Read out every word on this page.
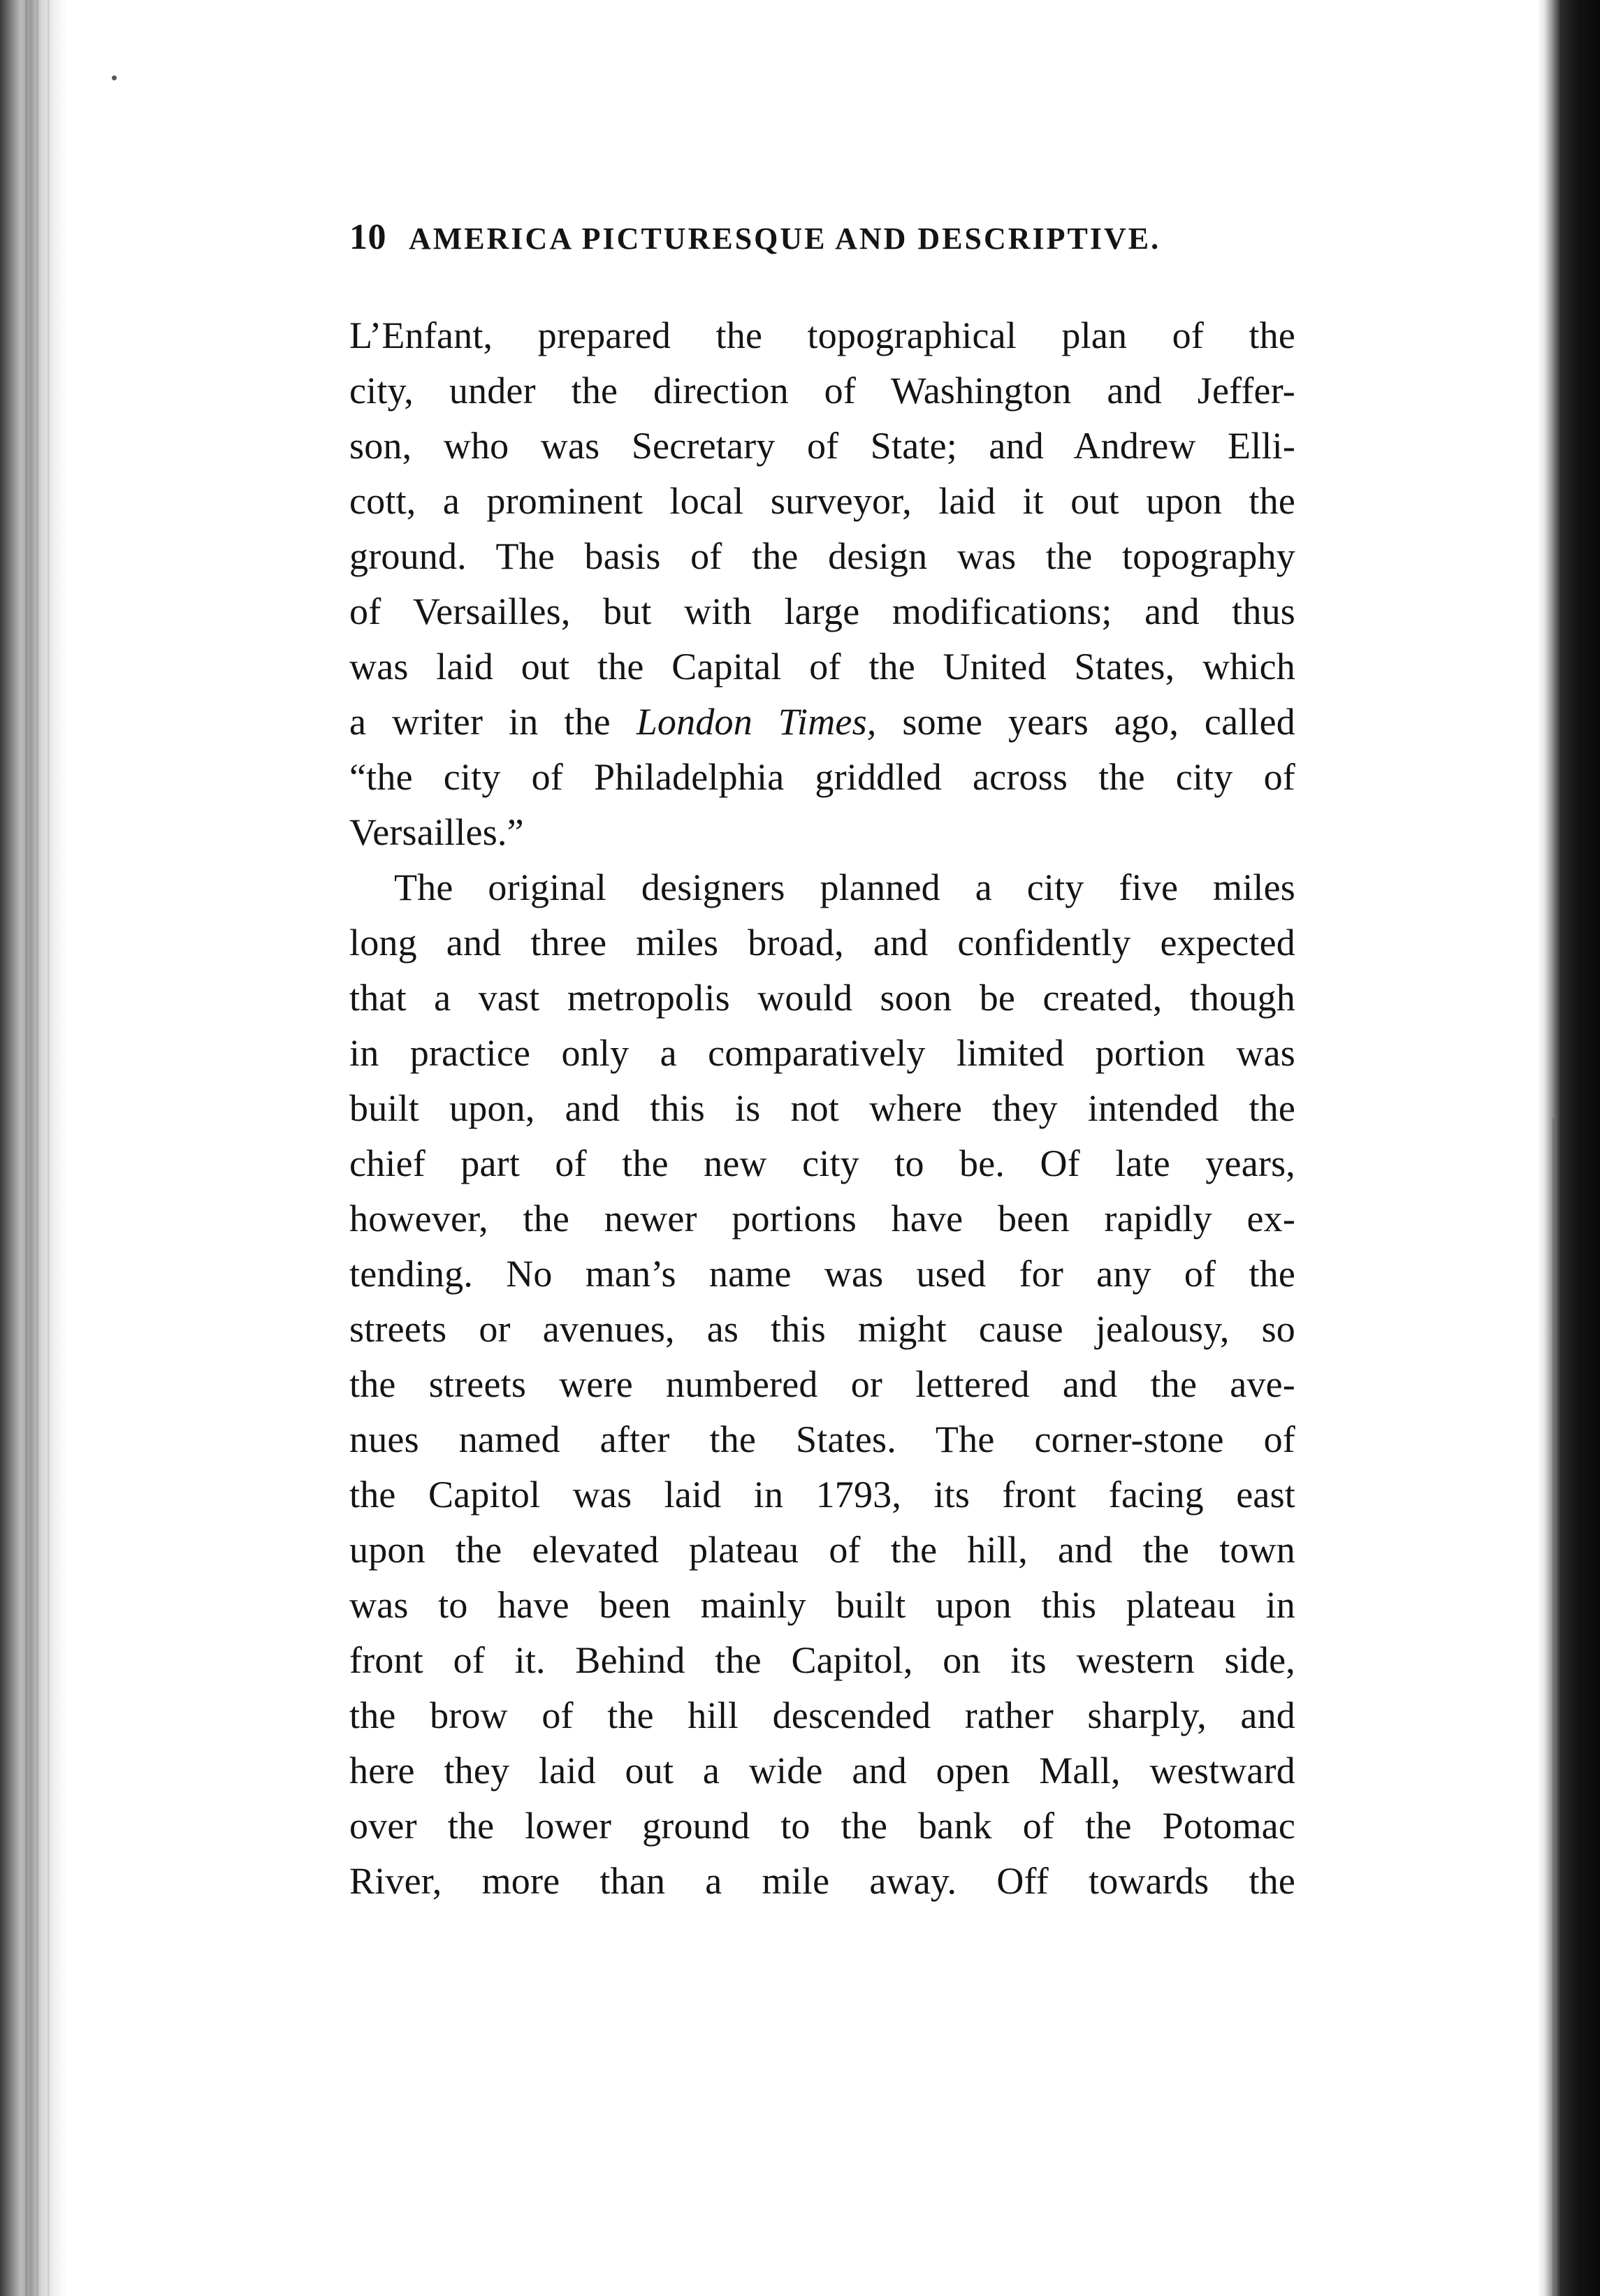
10 AMERICA PICTURESQUE AND DESCRIPTIVE.
L’Enfant, prepared the topographical plan of the
city, under the direction of Washington and Jeffer-
son, who was Secretary of State; and Andrew Elli-
cott, a prominent local surveyor, laid it out upon the
ground. The basis of the design was the topography
of Versailles, but with large modifications; and thus
was laid out the Capital of the United States, which
a writer in the London Times, some years ago, called
“the city of Philadelphia griddled across the city of
Versailles.”
The original designers planned a city five miles
long and three miles broad, and confidently expected
that a vast metropolis would soon be created, though
in practice only a comparatively limited portion was
built upon, and this is not where they intended the
chief part of the new city to be. Of late years,
however, the newer portions have been rapidly ex-
tending. No man’s name was used for any of the
streets or avenues, as this might cause jealousy, so
the streets were numbered or lettered and the ave-
nues named after the States. The corner-stone of
the Capitol was laid in 1793, its front facing east
upon the elevated plateau of the hill, and the town
was to have been mainly built upon this plateau in
front of it. Behind the Capitol, on its western side,
the brow of the hill descended rather sharply, and
here they laid out a wide and open Mall, westward
over the lower ground to the bank of the Potomac
River, more than a mile away. Off towards the
